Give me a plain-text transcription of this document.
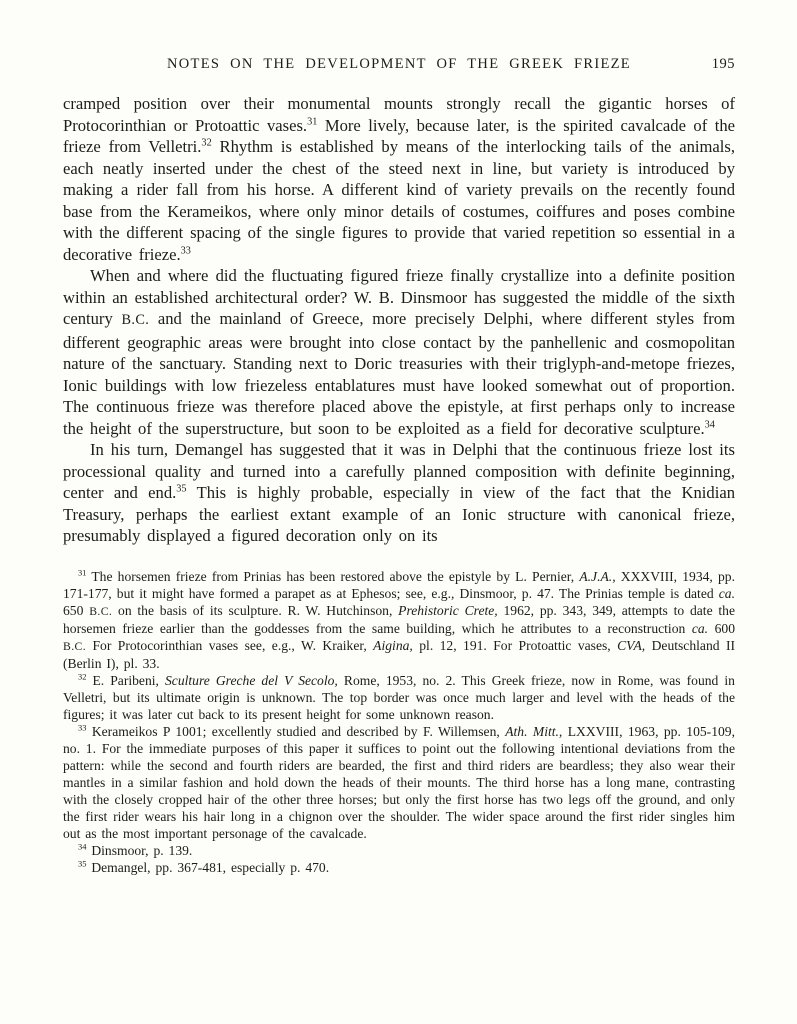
NOTES ON THE DEVELOPMENT OF THE GREEK FRIEZE	195

cramped position over their monumental mounts strongly recall the gigantic horses of Protocorinthian or Protoattic vases.$^{31}$ More lively, because later, is the spirited cavalcade of the frieze from Velletri.$^{32}$ Rhythm is established by means of the interlocking tails of the animals, each neatly inserted under the chest of the steed next in line, but variety is introduced by making a rider fall from his horse. A different kind of variety prevails on the recently found base from the Kerameikos, where only minor details of costumes, coiffures and poses combine with the different spacing of the single figures to provide that varied repetition so essential in a decorative frieze.$^{33}$

When and where did the fluctuating figured frieze finally crystallize into a definite position within an established architectural order? W. B. Dinsmoor has suggested the middle of the sixth century B.C. and the mainland of Greece, more precisely Delphi, where different styles from different geographic areas were brought into close contact by the panhellenic and cosmopolitan nature of the sanctuary. Standing next to Doric treasuries with their triglyph-and-metope friezes, Ionic buildings with low friezeless entablatures must have looked somewhat out of proportion. The continuous frieze was therefore placed above the epistyle, at first perhaps only to increase the height of the superstructure, but soon to be exploited as a field for decorative sculpture.$^{34}$

In his turn, Demangel has suggested that it was in Delphi that the continuous frieze lost its processional quality and turned into a carefully planned composition with definite beginning, center and end.$^{35}$ This is highly probable, especially in view of the fact that the Knidian Treasury, perhaps the earliest extant example of an Ionic structure with canonical frieze, presumably displayed a figured decoration only on its

$^{31}$ The horsemen frieze from Prinias has been restored above the epistyle by L. Pernier, A.J.A., XXXVIII, 1934, pp. 171-177, but it might have formed a parapet as at Ephesos; see, e.g., Dinsmoor, p. 47. The Prinias temple is dated ca. 650 B.C. on the basis of its sculpture. R. W. Hutchinson, Prehistoric Crete, 1962, pp. 343, 349, attempts to date the horsemen frieze earlier than the goddesses from the same building, which he attributes to a reconstruction ca. 600 B.C. For Protocorinthian vases see, e.g., W. Kraiker, Aigina, pl. 12, 191. For Protoattic vases, CVA, Deutschland II (Berlin I), pl. 33.

$^{32}$ E. Paribeni, Sculture Greche del V Secolo, Rome, 1953, no. 2. This Greek frieze, now in Rome, was found in Velletri, but its ultimate origin is unknown. The top border was once much larger and level with the heads of the figures; it was later cut back to its present height for some unknown reason.

$^{33}$ Kerameikos P 1001; excellently studied and described by F. Willemsen, Ath. Mitt., LXXVIII, 1963, pp. 105-109, no. 1. For the immediate purposes of this paper it suffices to point out the following intentional deviations from the pattern: while the second and fourth riders are bearded, the first and third riders are beardless; they also wear their mantles in a similar fashion and hold down the heads of their mounts. The third horse has a long mane, contrasting with the closely cropped hair of the other three horses; but only the first horse has two legs off the ground, and only the first rider wears his hair long in a chignon over the shoulder. The wider space around the first rider singles him out as the most important personage of the cavalcade.

$^{34}$ Dinsmoor, p. 139.

$^{35}$ Demangel, pp. 367-481, especially p. 470.
